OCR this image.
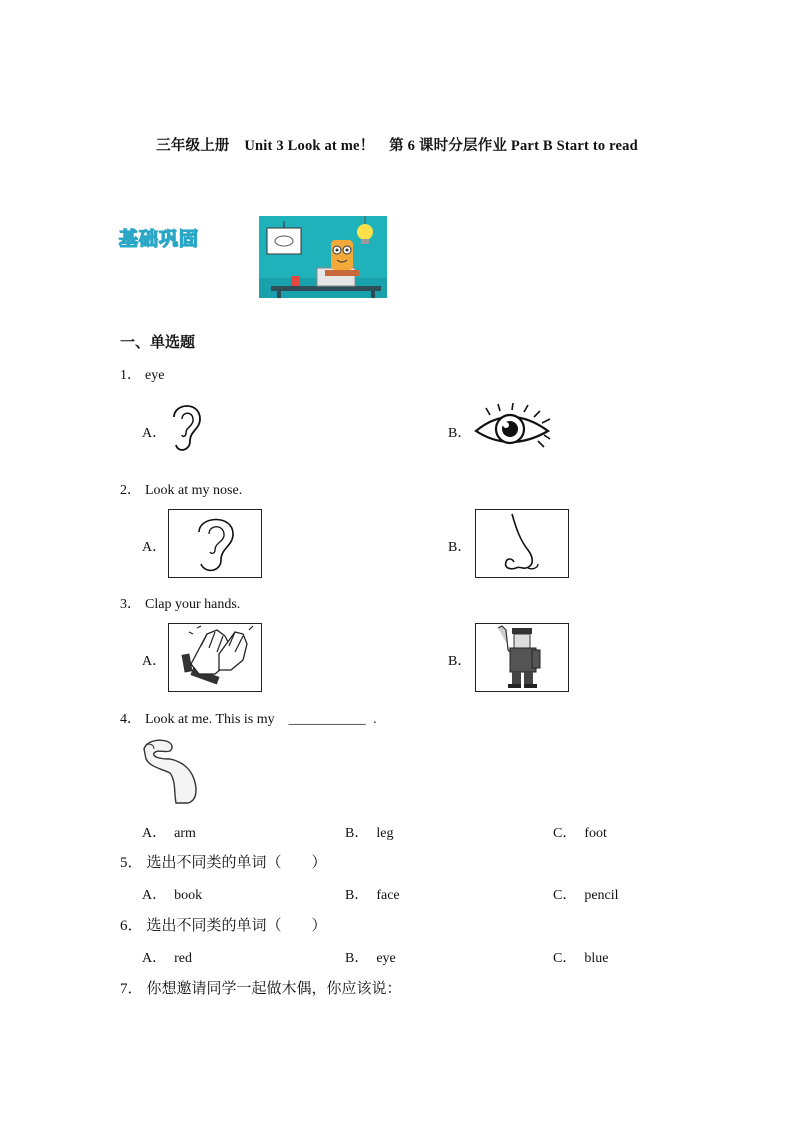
三年级上册　Unit 3 Look at me！　第 6 课时分层作业 Part B Start to read
基础巩固
一、单选题
1． eye
A．	B．
2． Look at my nose.
A．	B．
3． Clap your hands.
A．	B．
4． Look at me. This is my ___________ .
A． arm	B． leg	C． foot
5． 选出不同类的单词（　　）
A． book	B． face	C． pencil
6． 选出不同类的单词（　　）
A． red	B． eye	C． blue
7． 你想邀请同学一起做木偶，你应该说：
